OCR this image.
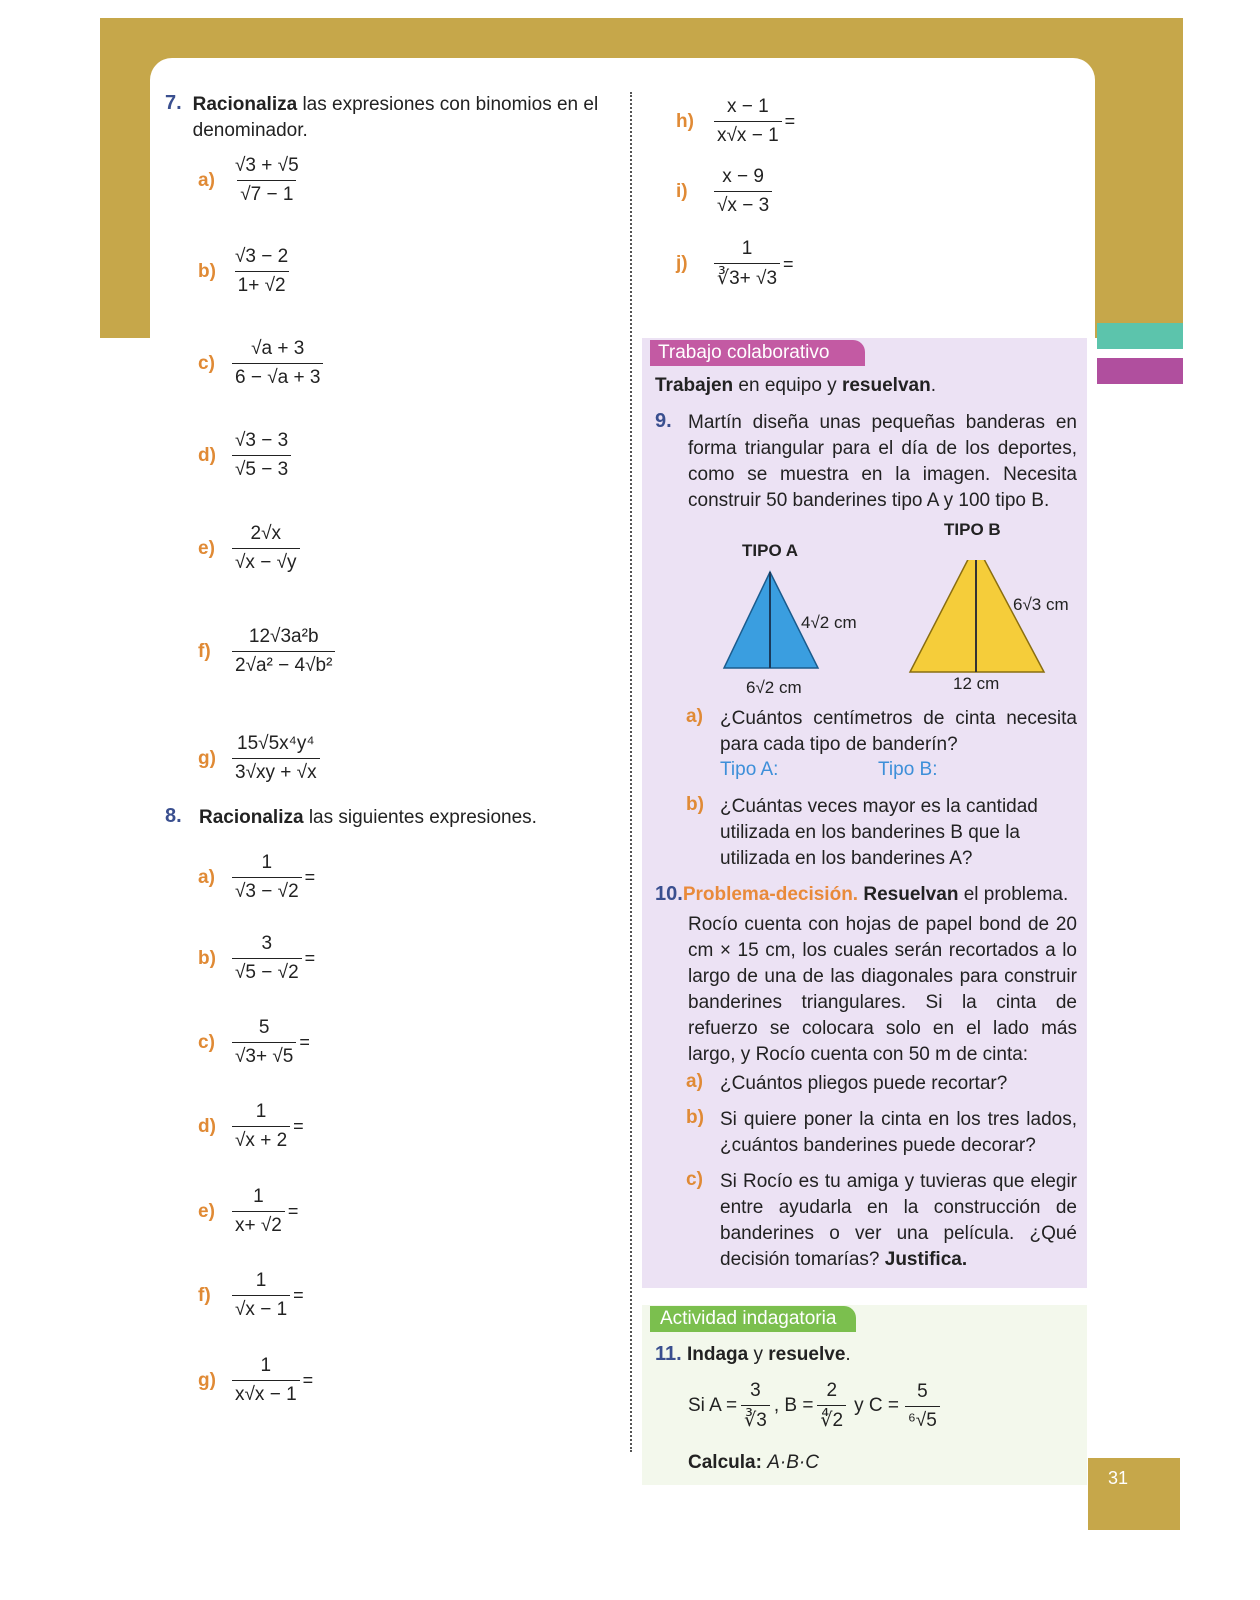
31
7. Racionaliza las expresiones con binomios en el denominador.
$a) \frac{√3 + √5}{√7 - 1}$
$b) \frac{√3 - 2}{1+ √2}$
$c) \frac{√a + 3}{6 - √a + 3}$
$d) \frac{√3 - 3}{√5 - 3}$
$e) \frac{2√x}{√x - √y}$
f)	$\frac{\text{12√3a²b}}{\text{2√a² − 4√b²}}$
$g) \frac{\text{15√5x⁴y⁴}}{3√xy + √x}$
8. Racionaliza las siguientes expresiones.
$a) \frac{1}{√3 - √2}$ =
$b) \frac{3}{√5 - √2}$ =
$c) \frac{5}{√3+ √5}$ =
$d) \frac{1}{√x + 2}$ =
$e) \frac{1}{x+ √2}$ =
f)	$\frac{1}{√x - 1}$ =
$g) \frac{1}{x√x - 1}$ =
h)	$\frac{x - 1}{x√x - 1}$ =
i)	$\frac{x - 9}{√x - 3}$
j)	$\frac{1}{∛3+ √3}$ =
Trabajo colaborativo
Trabajen en equipo y resuelvan.
9. Martín diseña unas pequeñas banderas en forma triangular para el día de los deportes, como se muestra en la imagen. Necesita construir 50 banderines tipo A y 100 tipo B.
TIPO A
TIPO B
4√2 cm
6√2 cm
6√3 cm
12 cm
a) ¿Cuántos centímetros de cinta necesita para cada tipo de banderín?
Tipo A:	Tipo B:
b) ¿Cuántas veces mayor es la cantidad utilizada en los banderines B que la utilizada en los banderines A?
10.Problema-decisión. Resuelvan el problema.
Rocío cuenta con hojas de papel bond de 20 cm × 15 cm, los cuales serán recortados a lo largo de una de las diagonales para construir banderines triangulares. Si la cinta de refuerzo se colocara solo en el lado más largo, y Rocío cuenta con 50 m de cinta:
a) ¿Cuántos pliegos puede recortar?
b) Si quiere poner la cinta en los tres lados, ¿cuántos banderines puede decorar?
c) Si Rocío es tu amiga y tuvieras que elegir entre ayudarla en la construcción de banderines o ver una película. ¿Qué decisión tomarías? Justifica.
Actividad indagatoria
11. Indaga y resuelve.
Si $A = \frac{3}{∛3}$ , $B = \frac{2}{∜2}$ y $C = \frac{5}{\text{⁶√5}}$
Calcula: A·B·C
